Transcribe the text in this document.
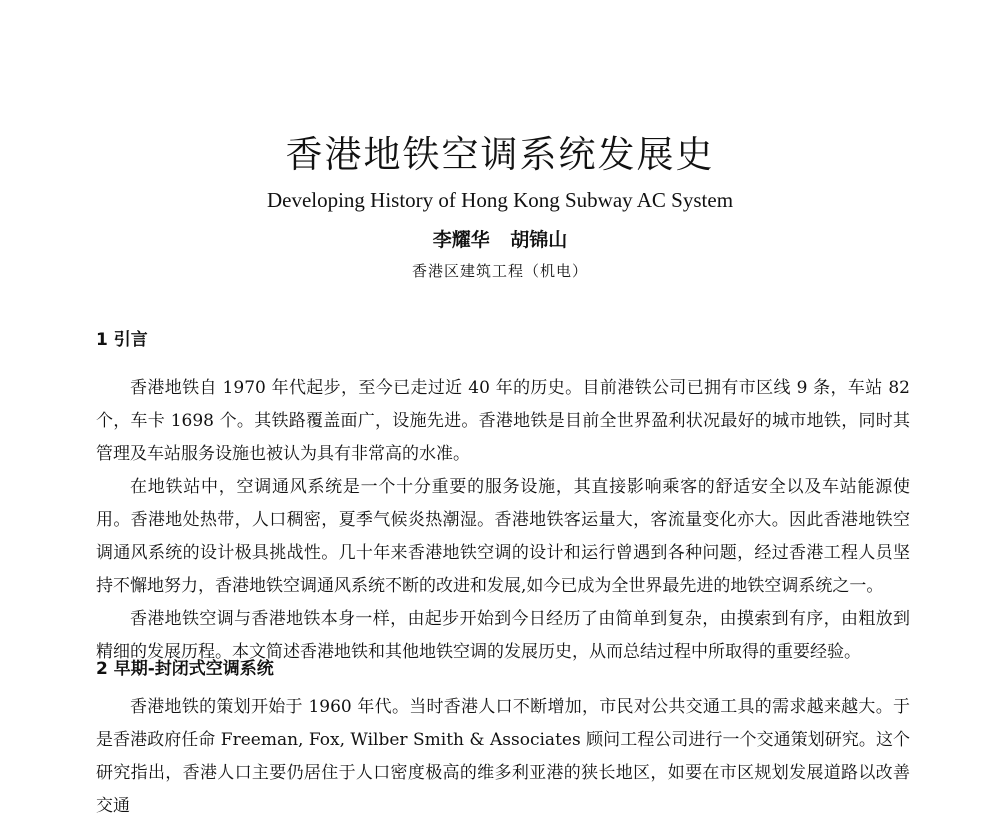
香港地铁空调系统发展史
Developing History of Hong Kong Subway AC System
李耀华 胡锦山
香港区建筑工程（机电）
1 引言

香港地铁自 1970 年代起步，至今已走过近 40 年的历史。目前港铁公司已拥有市区线 9 条，车站 82 个，车卡 1698 个。其铁路覆盖面广，设施先进。香港地铁是目前全世界盈利状况最好的城市地铁，同时其管理及车站服务设施也被认为具有非常高的水准。

在地铁站中，空调通风系统是一个十分重要的服务设施，其直接影响乘客的舒适安全以及车站能源使用。香港地处热带，人口稠密，夏季气候炎热潮湿。香港地铁客运量大，客流量变化亦大。因此香港地铁空调通风系统的设计极具挑战性。几十年来香港地铁空调的设计和运行曾遇到各种问题，经过香港工程人员坚持不懈地努力，香港地铁空调通风系统不断的改进和发展,如今已成为全世界最先进的地铁空调系统之一。

香港地铁空调与香港地铁本身一样，由起步开始到今日经历了由简单到复杂，由摸索到有序，由粗放到精细的发展历程。本文简述香港地铁和其他地铁空调的发展历史，从而总结过程中所取得的重要经验。

2 早期-封闭式空调系统

香港地铁的策划开始于 1960 年代。当时香港人口不断增加，市民对公共交通工具的需求越来越大。于是香港政府任命 Freeman, Fox, Wilber Smith & Associates 顾问工程公司进行一个交通策划研究。这个研究指出，香港人口主要仍居住于人口密度极高的维多利亚港的狭长地区，如要在市区规划发展道路以改善交通
